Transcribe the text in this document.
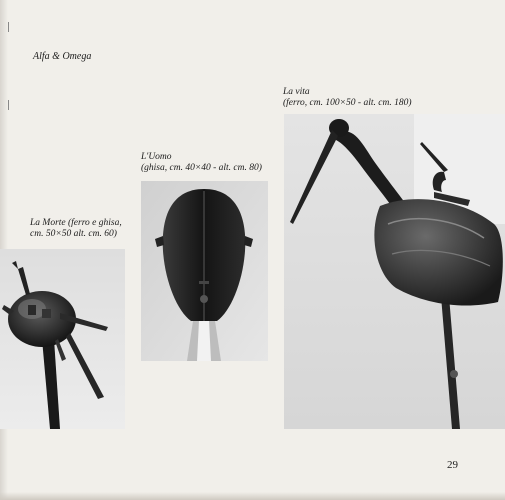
Alfa & Omega
La Morte (ferro e ghisa,
cm. 50×50 alt. cm. 60)
L'Uomo
(ghisa, cm. 40×40 - alt. cm. 80)
La vita
(ferro, cm. 100×50 - alt. cm. 180)
29
